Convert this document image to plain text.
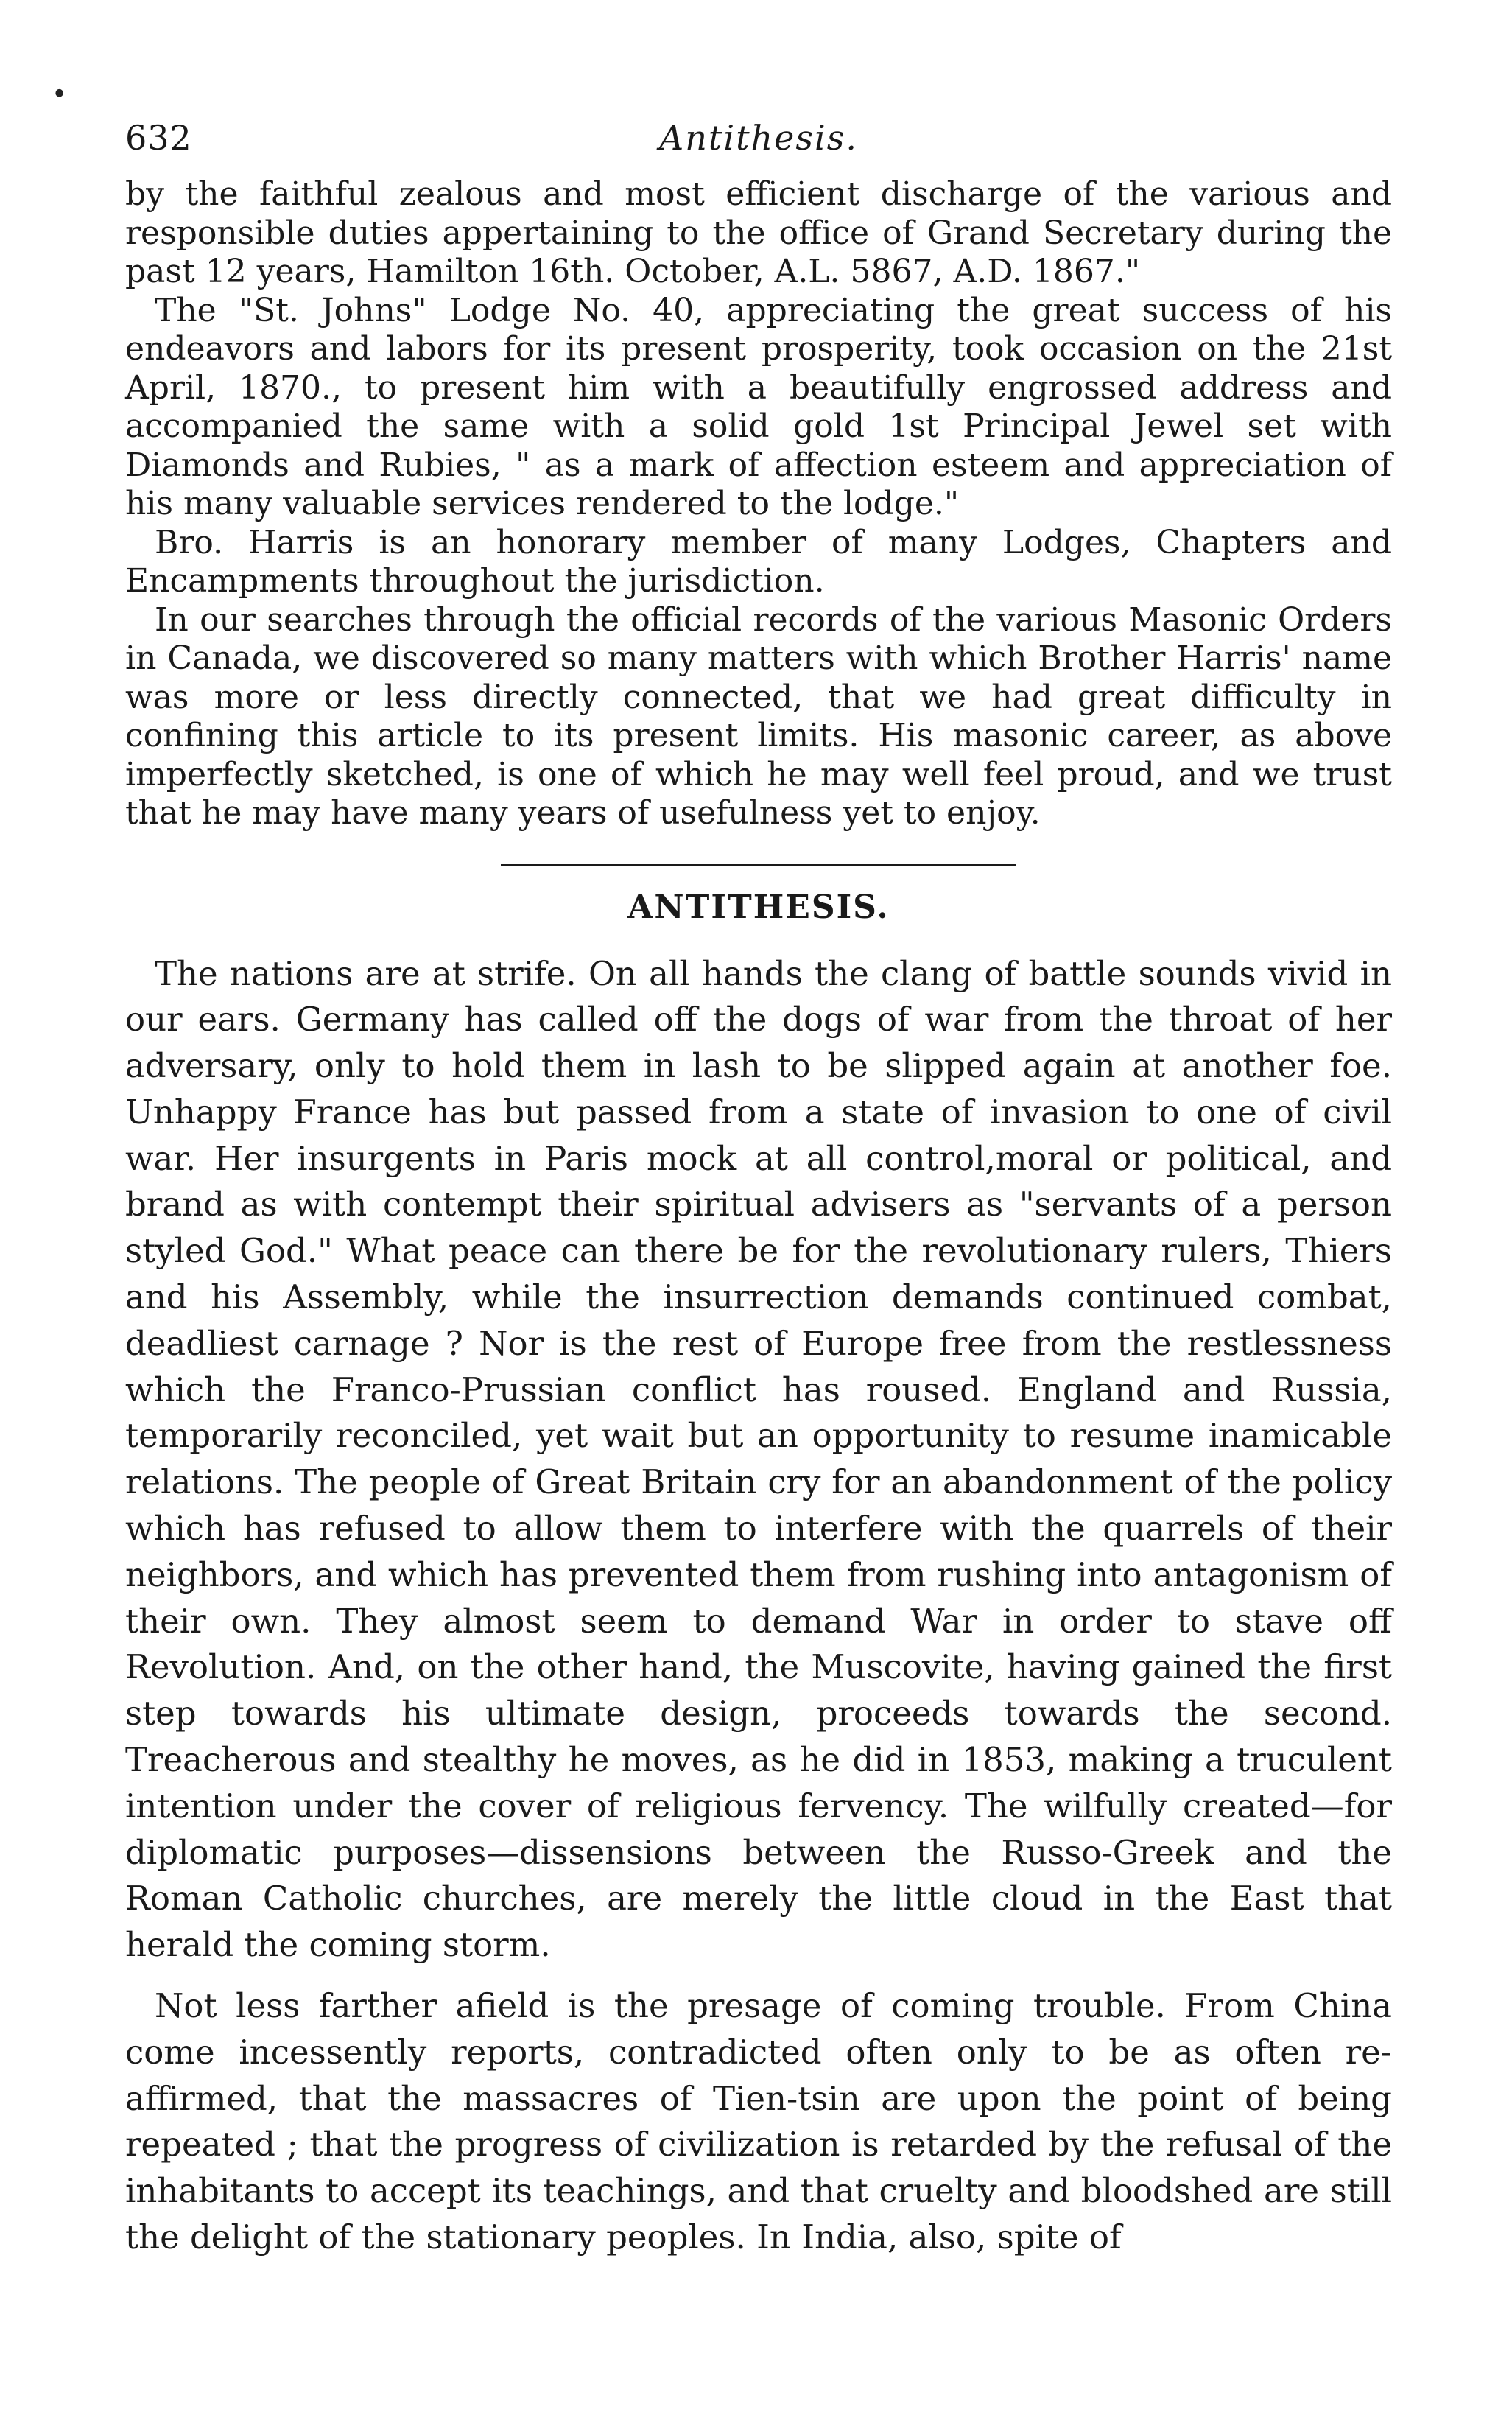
•
632	Antithesis.

by the faithful zealous and most efficient discharge of the various and responsible duties appertaining to the office of Grand Secretary during the past 12 years, Hamilton 16th. October, A.L. 5867, A.D. 1867."

The "St. Johns" Lodge No. 40, appreciating the great success of his endeavors and labors for its present prosperity, took occasion on the 21st April, 1870., to present him with a beautifully engrossed address and accompanied the same with a solid gold 1st Principal Jewel set with Diamonds and Rubies, " as a mark of affection esteem and appreciation of his many valuable services rendered to the lodge."

Bro. Harris is an honorary member of many Lodges, Chapters and Encampments throughout the jurisdiction.

In our searches through the official records of the various Masonic Orders in Canada, we discovered so many matters with which Brother Harris' name was more or less directly connected, that we had great difficulty in confining this article to its present limits. His masonic career, as above imperfectly sketched, is one of which he may well feel proud, and we trust that he may have many years of usefulness yet to enjoy.

ANTITHESIS.

The nations are at strife. On all hands the clang of battle sounds vivid in our ears. Germany has called off the dogs of war from the throat of her adversary, only to hold them in lash to be slipped again at another foe. Unhappy France has but passed from a state of invasion to one of civil war. Her insurgents in Paris mock at all control,moral or political, and brand as with contempt their spiritual advisers as "servants of a person styled God." What peace can there be for the revolutionary rulers, Thiers and his Assembly, while the insurrection demands continued combat, deadliest carnage ? Nor is the rest of Europe free from the restlessness which the Franco-Prussian conflict has roused. England and Russia, temporarily reconciled, yet wait but an opportunity to resume inamicable relations. The people of Great Britain cry for an abandonment of the policy which has refused to allow them to interfere with the quarrels of their neighbors, and which has prevented them from rushing into antagonism of their own. They almost seem to demand War in order to stave off Revolution. And, on the other hand, the Muscovite, having gained the first step towards his ultimate design, proceeds towards the second. Treacherous and stealthy he moves, as he did in 1853, making a truculent intention under the cover of religious fervency. The wilfully created—for diplomatic purposes—dissensions between the Russo-Greek and the Roman Catholic churches, are merely the little cloud in the East that herald the coming storm.

Not less farther afield is the presage of coming trouble. From China come incessently reports, contradicted often only to be as often re-affirmed, that the massacres of Tien-tsin are upon the point of being repeated ; that the progress of civilization is retarded by the refusal of the inhabitants to accept its teachings, and that cruelty and bloodshed are still the delight of the stationary peoples. In India, also, spite of
